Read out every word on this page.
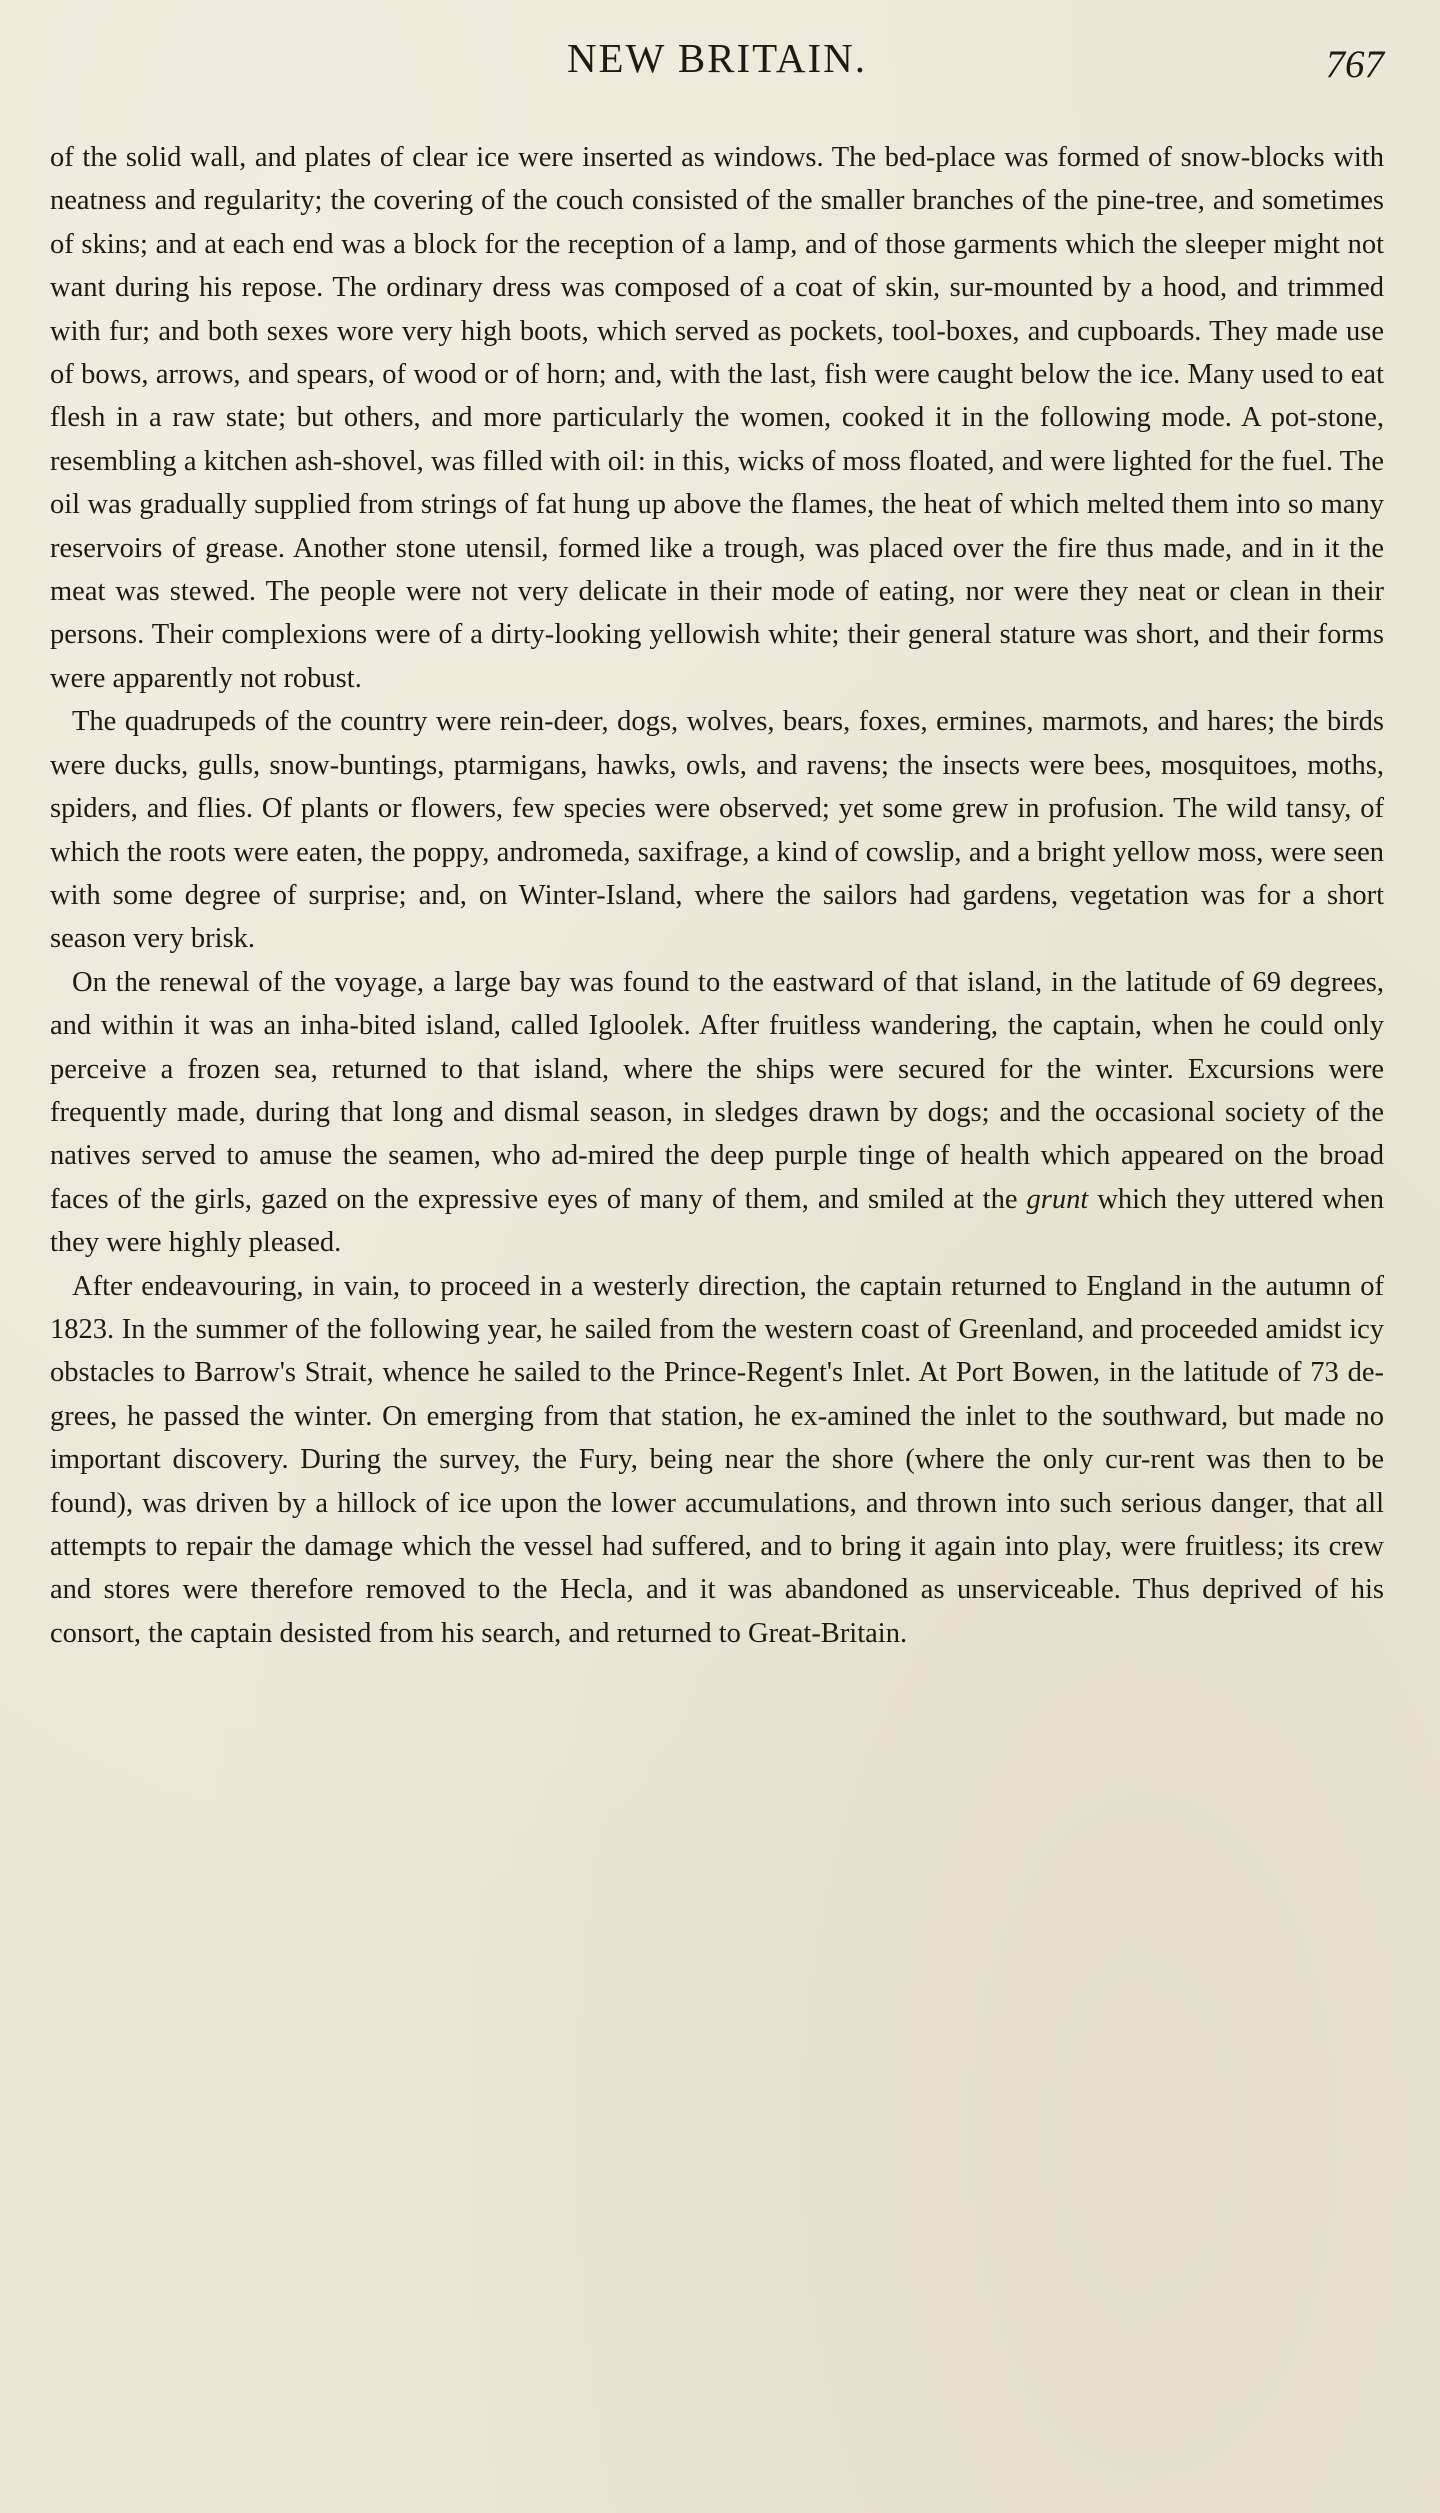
NEW BRITAIN.	767

of the solid wall, and plates of clear ice were inserted as windows. The bed-place was formed of snow-blocks with neatness and regularity; the covering of the couch consisted of the smaller branches of the pine-tree, and sometimes of skins; and at each end was a block for the reception of a lamp, and of those garments which the sleeper might not want during his repose. The ordinary dress was composed of a coat of skin, sur-mounted by a hood, and trimmed with fur; and both sexes wore very high boots, which served as pockets, tool-boxes, and cupboards. They made use of bows, arrows, and spears, of wood or of horn; and, with the last, fish were caught below the ice. Many used to eat flesh in a raw state; but others, and more particularly the women, cooked it in the following mode. A pot-stone, resembling a kitchen ash-shovel, was filled with oil: in this, wicks of moss floated, and were lighted for the fuel. The oil was gradually supplied from strings of fat hung up above the flames, the heat of which melted them into so many reservoirs of grease. Another stone utensil, formed like a trough, was placed over the fire thus made, and in it the meat was stewed. The people were not very delicate in their mode of eating, nor were they neat or clean in their persons. Their complexions were of a dirty-looking yellowish white; their general stature was short, and their forms were apparently not robust.

The quadrupeds of the country were rein-deer, dogs, wolves, bears, foxes, ermines, marmots, and hares; the birds were ducks, gulls, snow-buntings, ptarmigans, hawks, owls, and ravens; the insects were bees, mosquitoes, moths, spiders, and flies. Of plants or flowers, few species were observed; yet some grew in profusion. The wild tansy, of which the roots were eaten, the poppy, andromeda, saxifrage, a kind of cowslip, and a bright yellow moss, were seen with some degree of surprise; and, on Winter-Island, where the sailors had gardens, vegetation was for a short season very brisk.

On the renewal of the voyage, a large bay was found to the eastward of that island, in the latitude of 69 degrees, and within it was an inha-bited island, called Igloolek. After fruitless wandering, the captain, when he could only perceive a frozen sea, returned to that island, where the ships were secured for the winter. Excursions were frequently made, during that long and dismal season, in sledges drawn by dogs; and the occasional society of the natives served to amuse the seamen, who ad-mired the deep purple tinge of health which appeared on the broad faces of the girls, gazed on the expressive eyes of many of them, and smiled at the grunt which they uttered when they were highly pleased.

After endeavouring, in vain, to proceed in a westerly direction, the captain returned to England in the autumn of 1823. In the summer of the following year, he sailed from the western coast of Greenland, and proceeded amidst icy obstacles to Barrow's Strait, whence he sailed to the Prince-Regent's Inlet. At Port Bowen, in the latitude of 73 de-grees, he passed the winter. On emerging from that station, he ex-amined the inlet to the southward, but made no important discovery. During the survey, the Fury, being near the shore (where the only cur-rent was then to be found), was driven by a hillock of ice upon the lower accumulations, and thrown into such serious danger, that all attempts to repair the damage which the vessel had suffered, and to bring it again into play, were fruitless; its crew and stores were therefore removed to the Hecla, and it was abandoned as unserviceable. Thus deprived of his consort, the captain desisted from his search, and returned to Great-Britain.
